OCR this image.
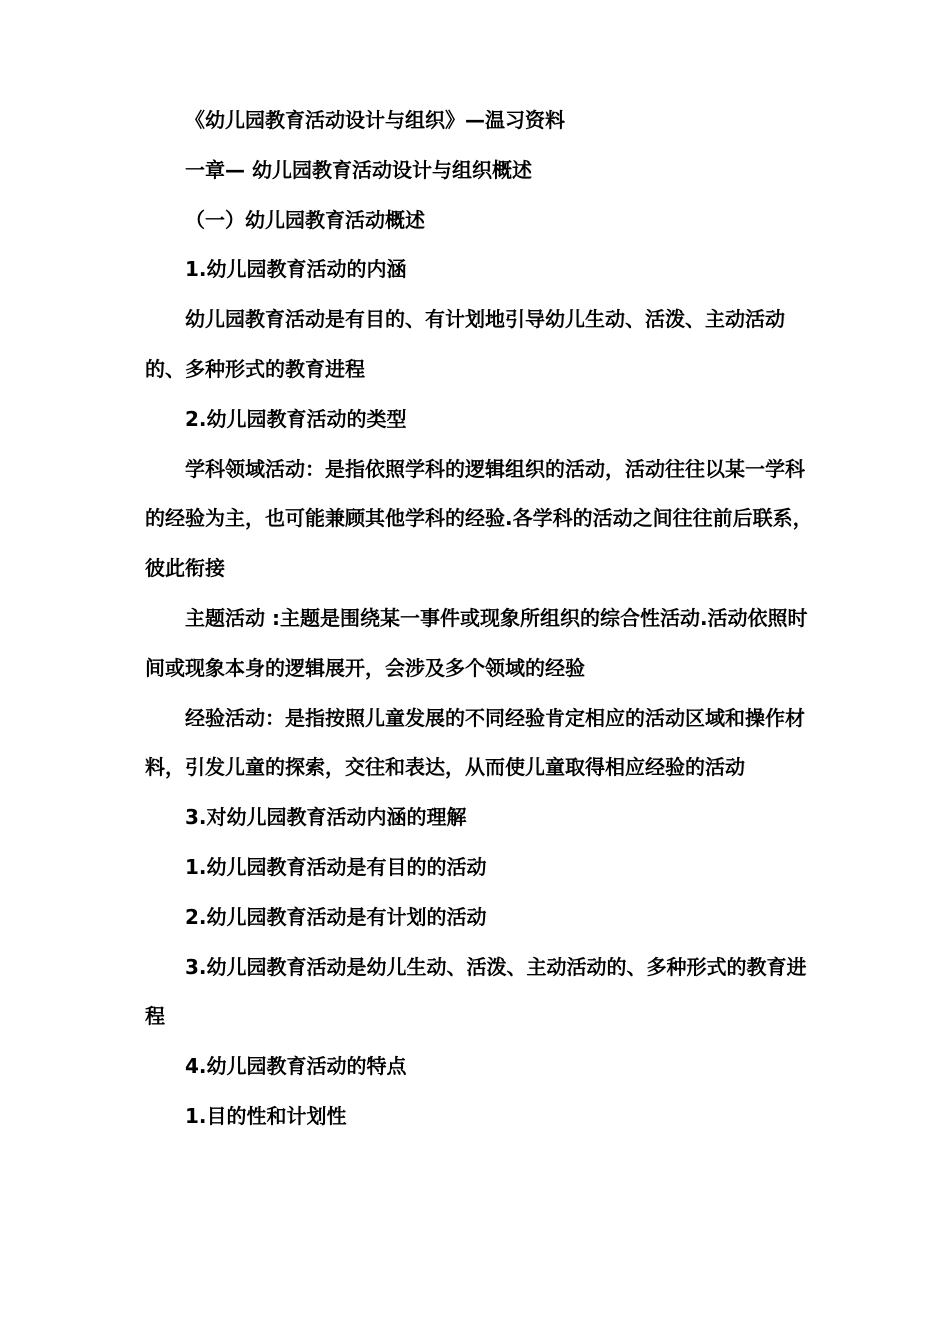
《幼儿园教育活动设计与组织》—温习资料

一章— 幼儿园教育活动设计与组织概述

（一）幼儿园教育活动概述

1.幼儿园教育活动的内涵

幼儿园教育活动是有目的、有计划地引导幼儿生动、活泼、主动活动的、多种形式的教育进程

2.幼儿园教育活动的类型

学科领域活动：是指依照学科的逻辑组织的活动，活动往往以某一学科的经验为主，也可能兼顾其他学科的经验.各学科的活动之间往往前后联系，彼此衔接

主题活动 :主题是围绕某一事件或现象所组织的综合性活动.活动依照时间或现象本身的逻辑展开，会涉及多个领域的经验

经验活动：是指按照儿童发展的不同经验肯定相应的活动区域和操作材料，引发儿童的探索，交往和表达，从而使儿童取得相应经验的活动

3.对幼儿园教育活动内涵的理解

1.幼儿园教育活动是有目的的活动

2.幼儿园教育活动是有计划的活动

3.幼儿园教育活动是幼儿生动、活泼、主动活动的、多种形式的教育进程

4.幼儿园教育活动的特点

1.目的性和计划性
